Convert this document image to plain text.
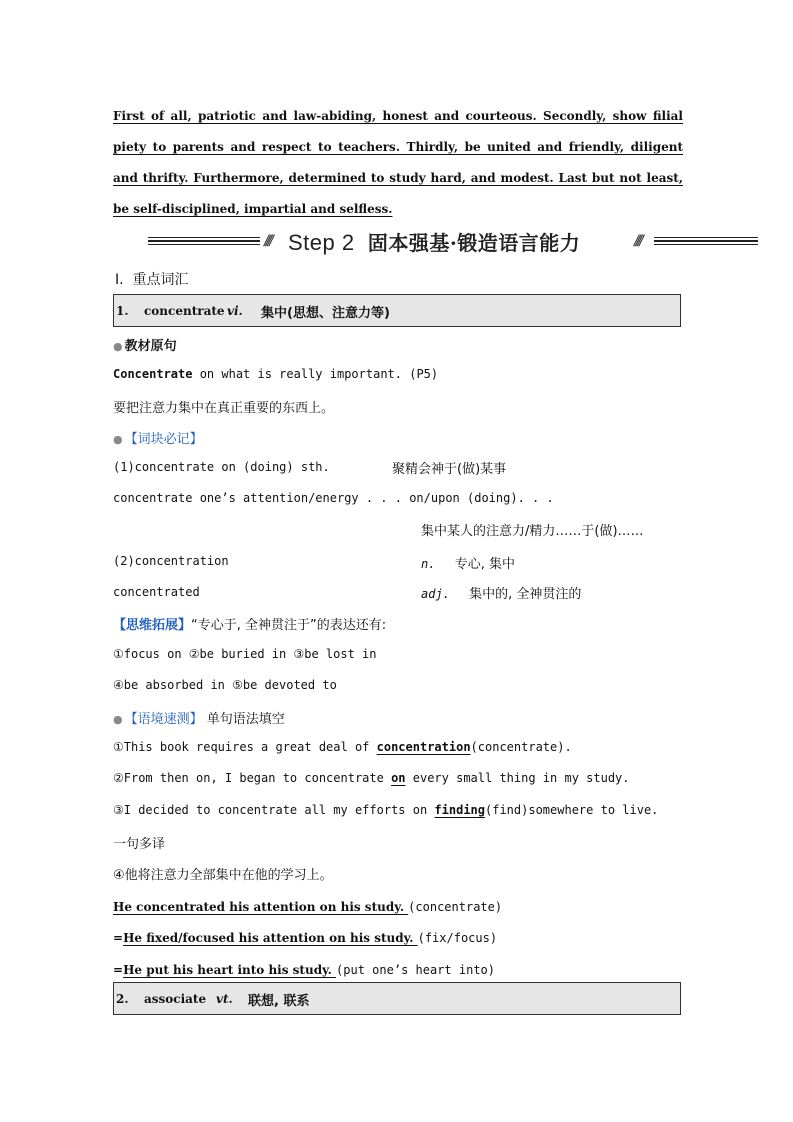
First of all, patriotic and law-abiding, honest and courteous. Secondly, show filial piety to parents and respect to teachers. Thirdly, be united and friendly, diligent and thrifty. Furthermore, determined to study hard, and modest. Last but not least, be self-disciplined, impartial and selfless.
//// Step 2 固本强基·锻造语言能力	////
Ⅰ. 重点词汇
1. concentrate vi. 集中(思想、注意力等)
● 教材原句
Concentrate on what is really important. (P5)
要把注意力集中在真正重要的东西上。
● 【词块必记】
(1)concentrate on (doing) sth.	聚精会神于(做)某事
concentrate one’s attention/energy . . . on/upon (doing). . .
集中某人的注意力/精力……于(做)……
(2)concentration	n. 专心, 集中
concentrated	adj. 集中的, 全神贯注的
【思维拓展】“专心于, 全神贯注于”的表达还有:
①focus on ②be buried in ③be lost in
④be absorbed in ⑤be devoted to
● 【语境速测】 单句语法填空
①This book requires a great deal of concentration(concentrate).
②From then on, I began to concentrate on every small thing in my study.
③I decided to concentrate all my efforts on finding(find)somewhere to live.
一句多译
④他将注意力全部集中在他的学习上。
He concentrated his attention on his study. (concentrate)
=He fixed/focused his attention on his study. (fix/focus)
=He put his heart into his study. (put one’s heart into)
2. associate vt. 联想, 联系
